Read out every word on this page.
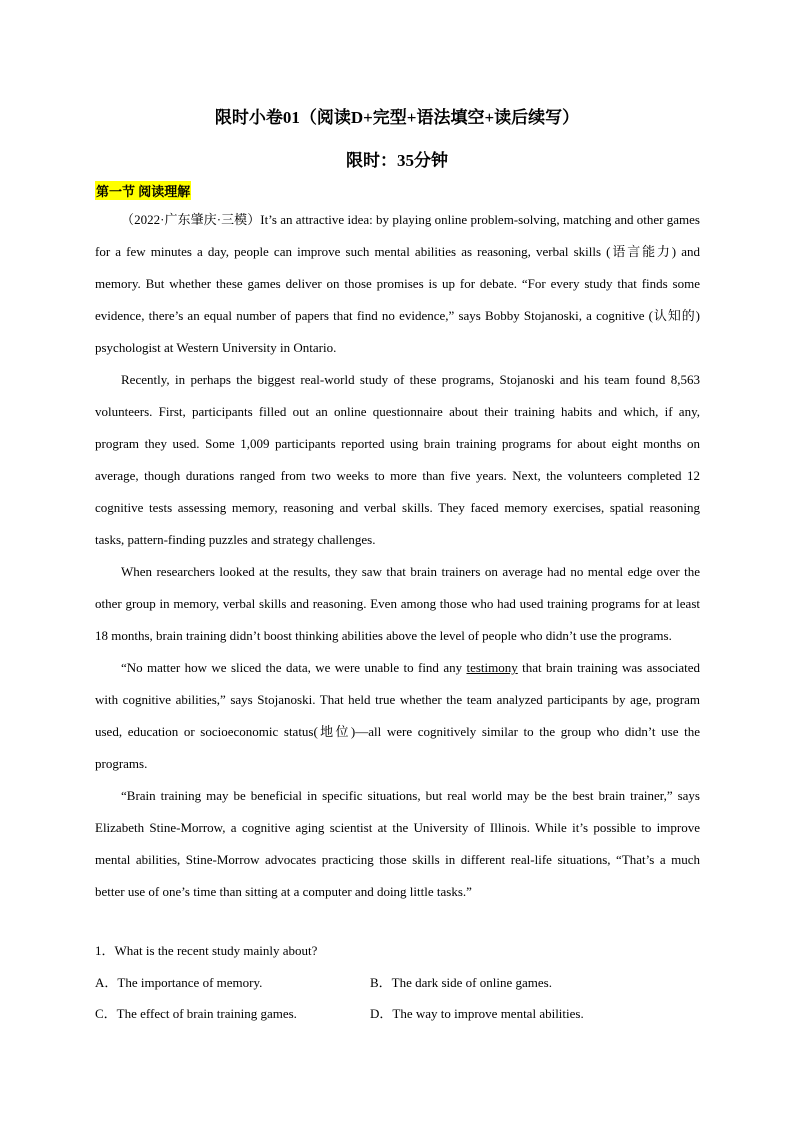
限时小卷01（阅读D+完型+语法填空+读后续写）
限时：35分钟
第一节 阅读理解

（2022·广东肇庆·三模）It’s an attractive idea: by playing online problem-solving, matching and other games for a few minutes a day, people can improve such mental abilities as reasoning, verbal skills (语言能力) and memory. But whether these games deliver on those promises is up for debate. “For every study that finds some evidence, there’s an equal number of papers that find no evidence,” says Bobby Stojanoski, a cognitive (认知的) psychologist at Western University in Ontario.

Recently, in perhaps the biggest real-world study of these programs, Stojanoski and his team found 8,563 volunteers. First, participants filled out an online questionnaire about their training habits and which, if any, program they used. Some 1,009 participants reported using brain training programs for about eight months on average, though durations ranged from two weeks to more than five years. Next, the volunteers completed 12 cognitive tests assessing memory, reasoning and verbal skills. They faced memory exercises, spatial reasoning tasks, pattern-finding puzzles and strategy challenges.

When researchers looked at the results, they saw that brain trainers on average had no mental edge over the other group in memory, verbal skills and reasoning. Even among those who had used training programs for at least 18 months, brain training didn’t boost thinking abilities above the level of people who didn’t use the programs.

“No matter how we sliced the data, we were unable to find any testimony that brain training was associated with cognitive abilities,” says Stojanoski. That held true whether the team analyzed participants by age, program used, education or socioeconomic status(地位)—all were cognitively similar to the group who didn’t use the programs.

“Brain training may be beneficial in specific situations, but real world may be the best brain trainer,” says Elizabeth Stine-Morrow, a cognitive aging scientist at the University of Illinois. While it’s possible to improve mental abilities, Stine-Morrow advocates practicing those skills in different real-life situations, “That’s a much better use of one’s time than sitting at a computer and doing little tasks.”

1．What is the recent study mainly about?
A．The importance of memory.	B．The dark side of online games.
C．The effect of brain training games.	D．The way to improve mental abilities.
